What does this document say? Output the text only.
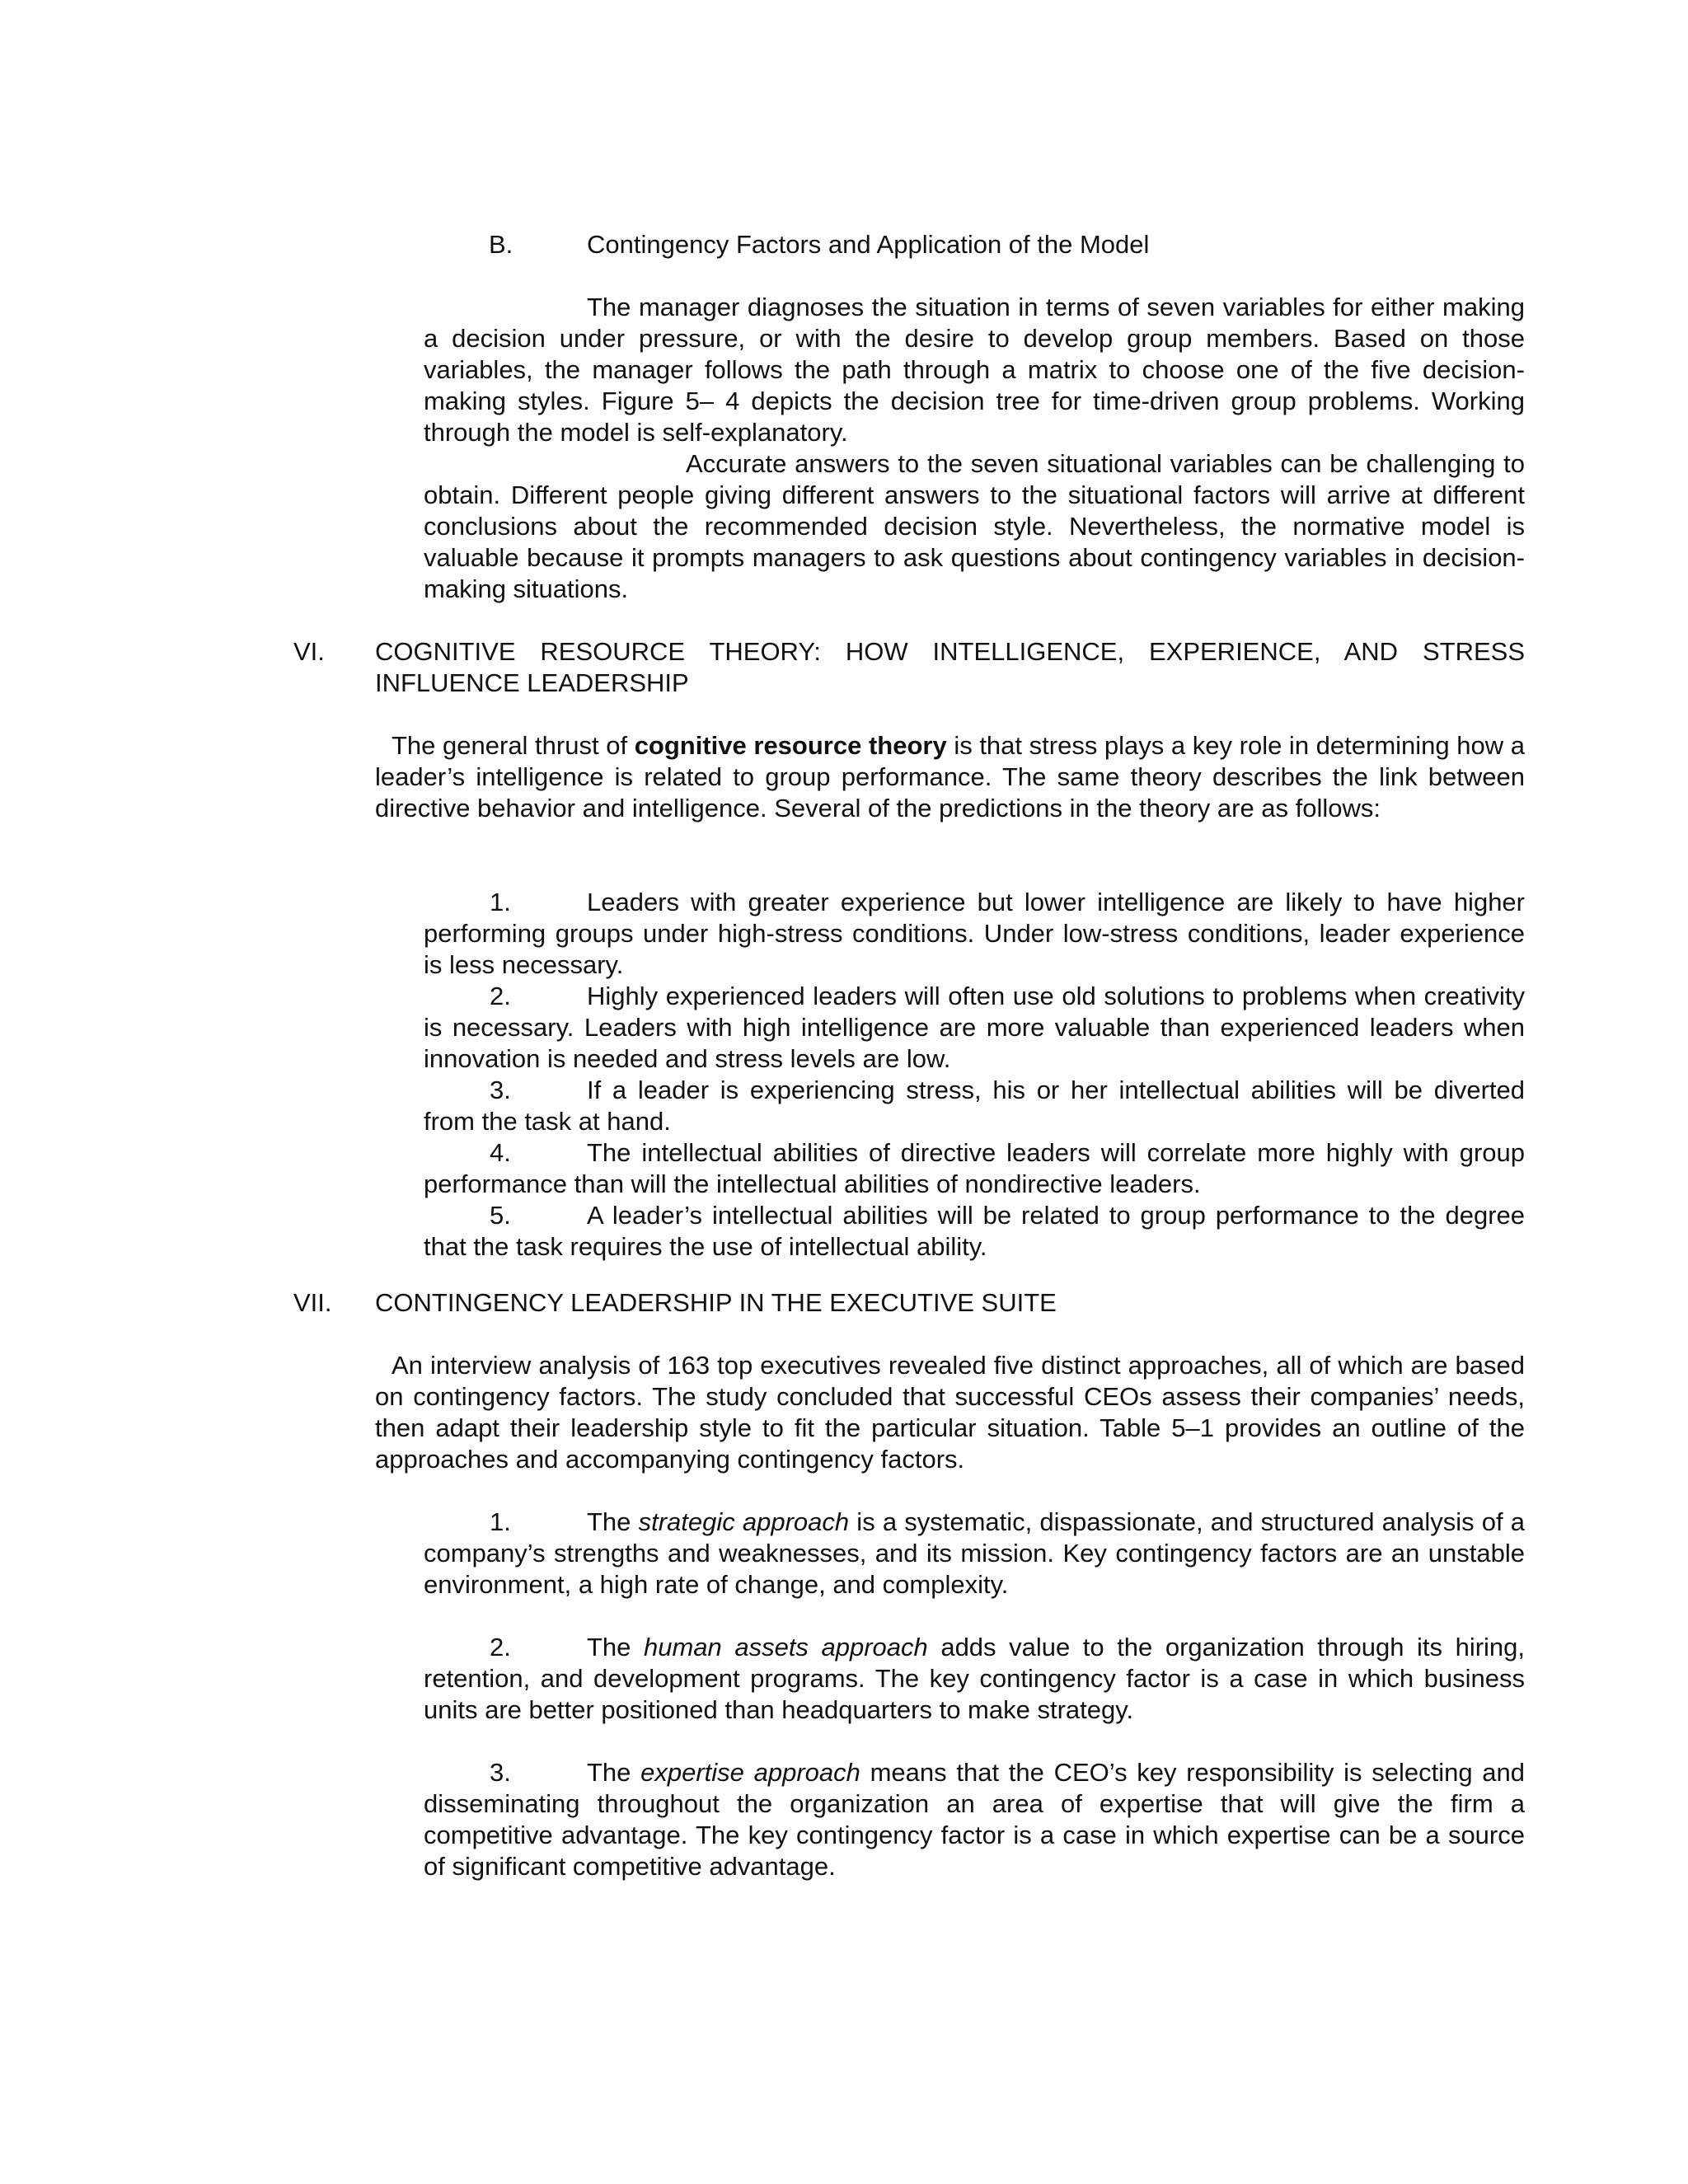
B.	Contingency Factors and Application of the Model

The manager diagnoses the situation in terms of seven variables for either making a decision under pressure, or with the desire to develop group members. Based on those variables, the manager follows the path through a matrix to choose one of the five decision-making styles. Figure 5– 4 depicts the decision tree for time-driven group problems. Working through the model is self-explanatory.

Accurate answers to the seven situational variables can be challenging to obtain. Different people giving different answers to the situational factors will arrive at different conclusions about the recommended decision style. Nevertheless, the normative model is valuable because it prompts managers to ask questions about contingency variables in decision-making situations.

VI. COGNITIVE RESOURCE THEORY: HOW INTELLIGENCE, EXPERIENCE, AND STRESS INFLUENCE LEADERSHIP

The general thrust of cognitive resource theory is that stress plays a key role in determining how a leader’s intelligence is related to group performance. The same theory describes the link between directive behavior and intelligence. Several of the predictions in the theory are as follows:

1.	Leaders with greater experience but lower intelligence are likely to have higher performing groups under high-stress conditions. Under low-stress conditions, leader experience is less necessary.

2.	Highly experienced leaders will often use old solutions to problems when creativity is necessary. Leaders with high intelligence are more valuable than experienced leaders when innovation is needed and stress levels are low.

3.	If a leader is experiencing stress, his or her intellectual abilities will be diverted from the task at hand.

4.	The intellectual abilities of directive leaders will correlate more highly with group performance than will the intellectual abilities of nondirective leaders.

5.	A leader’s intellectual abilities will be related to group performance to the degree that the task requires the use of intellectual ability.

VII. CONTINGENCY LEADERSHIP IN THE EXECUTIVE SUITE

An interview analysis of 163 top executives revealed five distinct approaches, all of which are based on contingency factors. The study concluded that successful CEOs assess their companies’ needs, then adapt their leadership style to fit the particular situation. Table 5–1 provides an outline of the approaches and accompanying contingency factors.

1.	The strategic approach is a systematic, dispassionate, and structured analysis of a company’s strengths and weaknesses, and its mission. Key contingency factors are an unstable environment, a high rate of change, and complexity.

2.	The human assets approach adds value to the organization through its hiring, retention, and development programs. The key contingency factor is a case in which business units are better positioned than headquarters to make strategy.

3.	The expertise approach means that the CEO’s key responsibility is selecting and disseminating throughout the organization an area of expertise that will give the firm a competitive advantage. The key contingency factor is a case in which expertise can be a source of significant competitive advantage.
